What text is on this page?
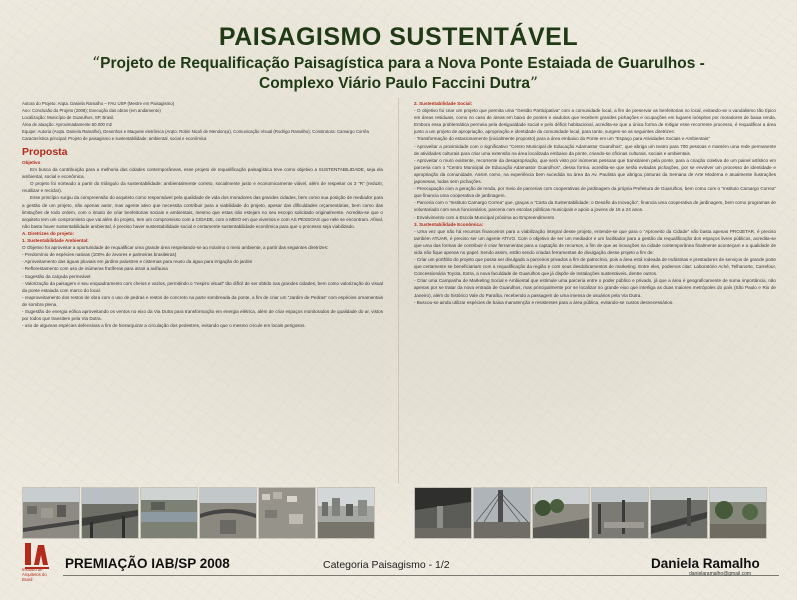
PAISAGISMO SUSTENTÁVEL
“Projeto de Requalificação Paisagística para a Nova Ponte Estaiada de Guarulhos -
Complexo Viário Paulo Faccini Dutra”

Autora do Projeto: Arqta. Daniela Ramalho – FAU USP (Mestre em Paisagismo)

Ano: Conclusão do Projeto (2008); Execução das obras (em andamento)

Localização: Município de Guarulhos, SP, Brasil.

Área de atuação: Aproximadamente 50.000 m2

Equipe: Autoria (Arqta. Daniela Ramalho), Desenhos e Maquete eletrônica (Arqto. Robin Nicoli de Mendonça), Comunicação Visual (Rodrigo Ramalho); Construtora: Camargo Corrêa

Característica principal: Projeto de paisagismo e sustentabilidade: ambiental, social e econômica

Proposta

Objetivo

Em busca da contribuição para a melhoria das cidades contemporâneas, esse projeto de requalificação paisagística teve como objetivo a SUSTENTABILIDADE, seja ela ambiental, social e econômica.

O projeto foi norteado a partir do triângulo da sustentabilidade: ambientalmente correto, socialmente justo e economicamente viável, além de respeitar os 3 “R” (reduzir, reutilizar e reciclar).

Esse princípio surgiu da compreensão do arquiteto como responsável pela qualidade de vida dos moradores das grandes cidades, bem como sua posição de mediador para a gestão de um projeto, não apenas autor, mas agente ativo que necessita contribuir para a viabilidade do projeto, apesar das dificuldades orçamentárias, bem como das limitações de todo ordem, com o intuito de criar benfeitorias sociais e ambientais, mesmo que estas não estejam no seu escopo solicitado originalmente. Acredita-se que o arquiteto tem um compromisso que vai além do projeto, tem um compromisso com a CIDADE, com o MEIO em que vivemos e com AS PESSOAS que nele se encontram. Afinal, não basta haver sustentabilidade ambiental, é preciso haver sustentabilidade social e certamente sustentabilidade econômica para que o processo seja viabilizado.

A. Diretrizes do projeto:

1. Sustentabilidade Ambiental:

O Objetivo foi aproveitar a oportunidade de requalificar uma grande área respeitando-se ao máximo o meio ambiente, a partir das seguintes diretrizes:

- Predomínio de espécies nativas (100% de árvores e palmeiras brasileiras)
- Aproveitamento das águas pluviais em jardins palustres e cisternas para reuso da água para irrigação do jardim
- Reflorestamento com uso de inúmeras frutíferas para atrair a avifauna
- Sugestão da calçada permeável
- Valorização da paisagem e seu enquadramento com cheios e vazios, permitindo o “respiro visual” tão difícil de ser obtido nas grandes cidades, bem como valorização do visual da ponte estaiada com marco do local.
- reaproveitamento dos restos de obra com o uso de pedras e restos de concreto na parte sombreada da ponte, a fim de criar um “Jardim de Pedras” com espécies ornamentais de sombra plena.
- Sugestão de energia eólica aproveitando os ventos no eixo da Via Dutra para transformação em energia elétrica, além de criar espaços monitorados de qualidade do ar, vistos por todos que transitem pela Via Dutra.
- uso de algumas espécies defensivas a fim de hierarquizar a circulação dos pedestres, evitando que o mesmo circule em locais perigosos.

2. Sustentabilidade Social:

- O objetivo foi criar um projeto que permita uma “Gestão Participativa” com a comunidade local, a fim de preservar as benfeitorias no local, evitando-se o vandalismo tão típico em áreas residuais, como no caso de áreas em baixo de pontes e viadutos que recebem grandes pichações e ocupações em lugares inóspitos por moradores de baixa renda. Embora essa problemática permeia pela desigualdade social e pelo déficit habitacional, acredita-se que a única forma de mitigar esse recorrente processo, é requalificar a área junto a um projeto de apropriação, apropriação e identidade da comunidade local, para tanto, surgem-se as seguintes diretrizes:
- Transformação do estacionamento (inicialmente proposto) para a área embaixo da Ponte em um “Espaço para Atividades Sociais e Ambientais”
- Aproveitar a proximidade com o significativo “Centro Municipal de Educação Adamastor Guarulhos”, que abriga um teatro para 700 pessoas e mantém uma rede permanente de atividades culturais para criar uma extensão na área localizada embaixo da ponte, criando-se oficinas culturais, sociais e ambientais.
- Aproveitar o muro existente, recorrente da desapropriação, que será visto por inúmeras pessoas que transitarem pela ponte, para a criação coletiva de um painel artístico em parceria com o “Centro Municipal de Educação Adamastor Guarulhos”, dessa forma, acredita-se que serão evitadas pichações, por se envolver um processo de identidade e apropriação da comunidade. Assim como, na experiência bem sucedida na área da Av. Paulista que abrigou pinturas da Semana de Arte Moderna e atualmente ilustrações japonesas, todas sem pichações.
- Preocupação com a geração de renda, por meio de parcerias com cooperativas de jardinagem da própria Prefeitura de Guarulhos, bem como com o “Instituto Camargo Correa” que financia uma cooperativa de jardinagem.
- Parceria com o “Instituto Camargo Correa” que, graças a “Carta da Sustentabilidade: o Desafio da Inovação”, financia uma cooperativa de jardinagem, bem como programas de voluntariado com seus funcionários, parceria com escolas públicas municipais e apoio a jovens de 16 a 24 anos.
- Envolvimento com a Escola Municipal próxima ao Empreendimento

3. Sustentabilidade Econômica:

- Uma vez que não há recursos financeiros para a viabilização integral desse projeto, entende-se que para o “Aproveito da Cidade” não basta apenas PROJETAR, é preciso também ATUAR, é preciso ser um agente ATIVO. Com o objetivo de ser um mediador e um facilitador para a gestão da requalificação dos espaços livres públicos, acredita-se que uma das formas de contribuir é criar ferramentas para a captação de recursos, a fim de que as inovações na cidade contemporânea finalmente aconteçam e a qualidade de vida não fique apenas no papel. Sendo assim, estão sendo criadas ferramentas de divulgação desse projeto a fim de:

- Criar um portfólio do projeto que possa ser divulgado a parceiros privados a fim de patrocínio, pois a área está rodeada de Indústrias e prestadores de serviços de grande porte que certamente se beneficiariam com a requalificação da região e com seus desdobramentos de marketing. Entre eles, podemos citar: Laboratório Aché, Telhanorte, Carrefour, Concessionária Toyota, Extra, a nova faculdade de Guarulhos que já dispõe de Instalações sustentáveis, dentre outros.
- Criar uma Campanha de Marketing Social e Ambiental que estimule uma parceria entre o poder público e privado, já que a área é geograficamente de suma importância, não apenas por se tratar da nova entrada de Guarulhos, mas principalmente por se localizar no grande eixo que interliga as duas maiores metrópoles do país (São Paulo e Rio de Janeiro), além do histórico Vale do Paraíba, recebendo a passagem de uma imensa de usuários pela Via Dutra.
- Buscou-se ainda utilizar espécies de baixa manutenção e resistentes para a área pública, evitando-se custos desnecessários.
Instituto de Arquitetos do Brasil
PREMIAÇÃO IAB/SP 2008	Categoria Paisagismo - 1/2	Daniela Ramalho
danielaramalho@gmail.com
